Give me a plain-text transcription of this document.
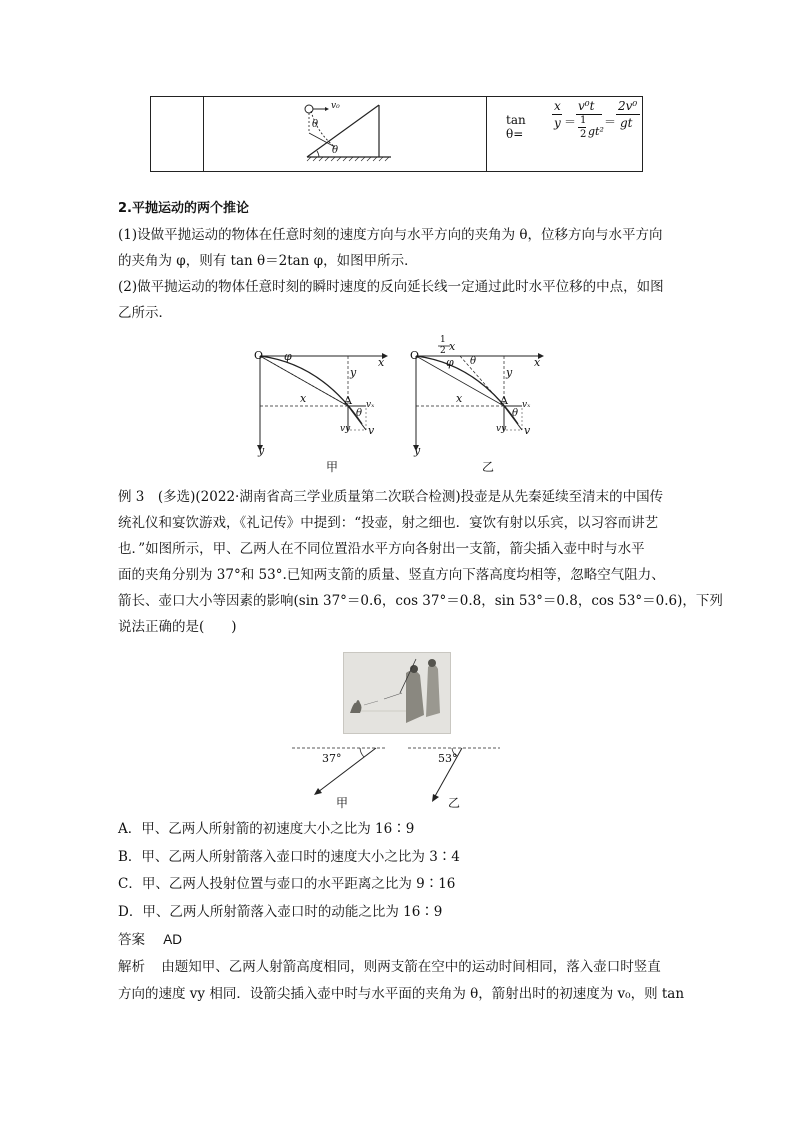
v₀
θ
θ
tan θ=
x
y ＝
v⁰t
1
2 gt²
＝
2v⁰
gt
2.平抛运动的两个推论
(1)设做平抛运动的物体在任意时刻的速度方向与水平方向的夹角为 θ，位移方向与水平方向
的夹角为 φ，则有 tan θ＝2tan φ，如图甲所示．
(2)做平抛运动的物体任意时刻的瞬时速度的反向延长线一定通过此时水平位移的中点，如图
乙所示．
O
x
y
φ
y
x	A vₓ
θ
vy v
甲
O
x
y
1
2 x
φ θ
y
x	A vₓ
θ
vy v
乙
例 3　(多选)(2022·湖南省高三学业质量第二次联合检测)投壶是从先秦延续至清末的中国传
统礼仪和宴饮游戏，《礼记传》中提到：“投壶，射之细也．宴饮有射以乐宾，以习容而讲艺
也．”如图所示，甲、乙两人在不同位置沿水平方向各射出一支箭，箭尖插入壶中时与水平
面的夹角分别为 37°和 53°.已知两支箭的质量、竖直方向下落高度均相等，忽略空气阻力、
箭长、壶口大小等因素的影响(sin 37°＝0.6，cos 37°＝0.8，sin 53°＝0.8，cos 53°＝0.6)，下列
说法正确的是(　　)
37°	53°
甲	乙
A．甲、乙两人所射箭的初速度大小之比为 16∶9
B．甲、乙两人所射箭落入壶口时的速度大小之比为 3∶4
C．甲、乙两人投射位置与壶口的水平距离之比为 9∶16
D．甲、乙两人所射箭落入壶口时的动能之比为 16∶9
答案 AD
解析 由题知甲、乙两人射箭高度相同，则两支箭在空中的运动时间相同，落入壶口时竖直
方向的速度 vy 相同．设箭尖插入壶中时与水平面的夹角为 θ，箭射出时的初速度为 v₀，则 tan
